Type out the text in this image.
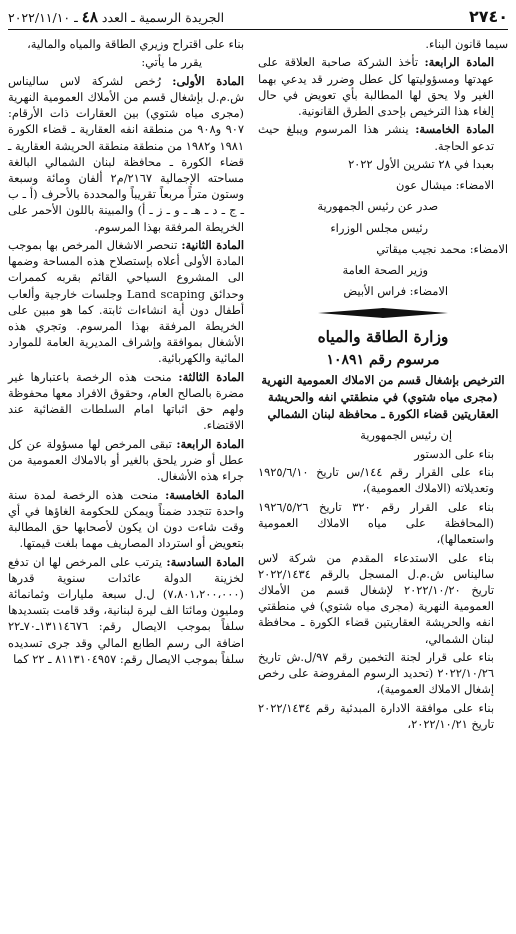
٢٧٤٠
الجريدة الرسمية ـ العدد ٤٨ ـ ٢٠٢٢/١١/١٠

سيما قانون البناء.

المادة الرابعة: تأخذ الشركة صاحبة العلاقة على عهدتها ومسؤوليتها كل عطل وضرر قد يدعي بهما الغير ولا يحق لها المطالبة بأي تعويض في حال إلغاء هذا الترخيص بإحدى الطرق القانونية.

المادة الخامسة: ينشر هذا المرسوم ويبلغ حيث تدعو الحاجة.

بعبدا في ٢٨ تشرين الأول ٢٠٢٢
الامضاء: ميشال عون
صدر عن رئيس الجمهورية
رئيس مجلس الوزراء
الامضاء: محمد نجيب ميقاتي
وزير الصحة العامة
الامضاء: فراس الأبيض
وزارة الطاقة والمياه
مرسوم رقم ١٠٨٩١
الترخيص بإشغال قسم من الاملاك العمومية النهرية (مجرى مياه شتوي) في منطقتي انفه والحريشة العقاريتين قضاء الكورة ـ محافظة لبنان الشمالي

إن رئيس الجمهورية

بناء على الدستور

بناء على القرار رقم ١٤٤/س تاريخ ١٩٢٥/٦/١٠ وتعديلاته (الاملاك العمومية)،

بناء على القرار رقم ٣٢٠ تاريخ ١٩٢٦/٥/٢٦ (المحافظة على مياه الاملاك العمومية واستعمالها)،

بناء على الاستدعاء المقدم من شركة لاس ساليناس ش.م.ل المسجل بالرقم ٢٠٢٢/١٤٣٤ تاريخ ٢٠٢٢/١٠/٢٠ لإشغال قسم من الأملاك العمومية النهرية (مجرى مياه شتوي) في منطقتي انفه والحريشة العقاريتين قضاء الكورة ـ محافظة لبنان الشمالي،

بناء على قرار لجنة التخمين رقم ٩٧/ل.ش تاريخ ٢٠٢٢/١٠/٢٦ (تحديد الرسوم المفروضة على رخص إشغال الاملاك العمومية)،

بناء على موافقة الادارة المبدئية رقم ٢٠٢٢/١٤٣٤ تاريخ ٢٠٢٢/١٠/٢١،

بناء على اقتراح وزيري الطاقة والمياه والمالية،

يقرر ما يأتي:

المادة الأولى: رُخص لشركة لاس ساليناس ش.م.ل بإشغال قسم من الأملاك العمومية النهرية (مجرى مياه شتوي) بين العقارات ذات الأرقام: ٩٠٧ و٩٠٨ من منطقة انفه العقارية ـ قضاء الكورة ١٩٨١ و١٩٨٢ من منطقة منطقة الحريشة العقارية ـ قضاء الكورة ـ محافظة لبنان الشمالي البالغة مساحته الإجمالية ٢١٦٧/م٢ ألفان ومائة وسبعة وستون متراً مربعاً تقريباً والمحددة بالأحرف (أ ـ ب ـ ج ـ د ـ هـ ـ و ـ ز ـ أ) والمبينة باللون الأحمر على الخريطة المرفقة بهذا المرسوم.

المادة الثانية: تنحصر الاشغال المرخص بها بموجب المادة الأولى أعلاه بإستصلاح هذه المساحة وضمها الى المشروع السياحي القائم بقربه كممرات وحدائق Land scaping وجلسات خارجية وألعاب أطفال دون أية انشاءات ثابتة. كما هو مبين على الخريطة المرفقة بهذا المرسوم. وتجري هذه الأشغال بموافقة وإشراف المديرية العامة للموارد المائية والكهربائية.

المادة الثالثة: منحت هذه الرخصة باعتبارها غير مضرة بالصالح العام، وحقوق الافراد معها محفوظة ولهم حق اثباتها امام السلطات القضائية عند الاقتضاء.

المادة الرابعة: تبقى المرخص لها مسؤولة عن كل عطل أو ضرر يلحق بالغير أو بالاملاك العمومية من جراء هذه الأشغال.

المادة الخامسة: منحت هذه الرخصة لمدة سنة واحدة تتجدد ضمناً ويمكن للحكومة الغاؤها في أي وقت شاءت دون ان يكون لأصحابها حق المطالبة بتعويض أو استرداد المصاريف مهما بلغت قيمتها.

المادة السادسة: يترتب على المرخص لها ان تدفع لخزينة الدولة عائدات سنوية قدرها (٧،٨٠١،٢٠٠،٠٠٠) ل.ل سبعة مليارات وثمانمائة ومليون ومائتا الف ليرة لبنانية، وقد قامت بتسديدها سلفاً بموجب الايصال رقم: ١٣١١٤٦٧٦ـ٧٠ـ٢٢ اضافة الى رسم الطابع المالي وقد جرى تسديده سلفاً بموجب الايصال رقم: ٨١١٣١٠٤٩٥٧ ـ ٢٢ كما
